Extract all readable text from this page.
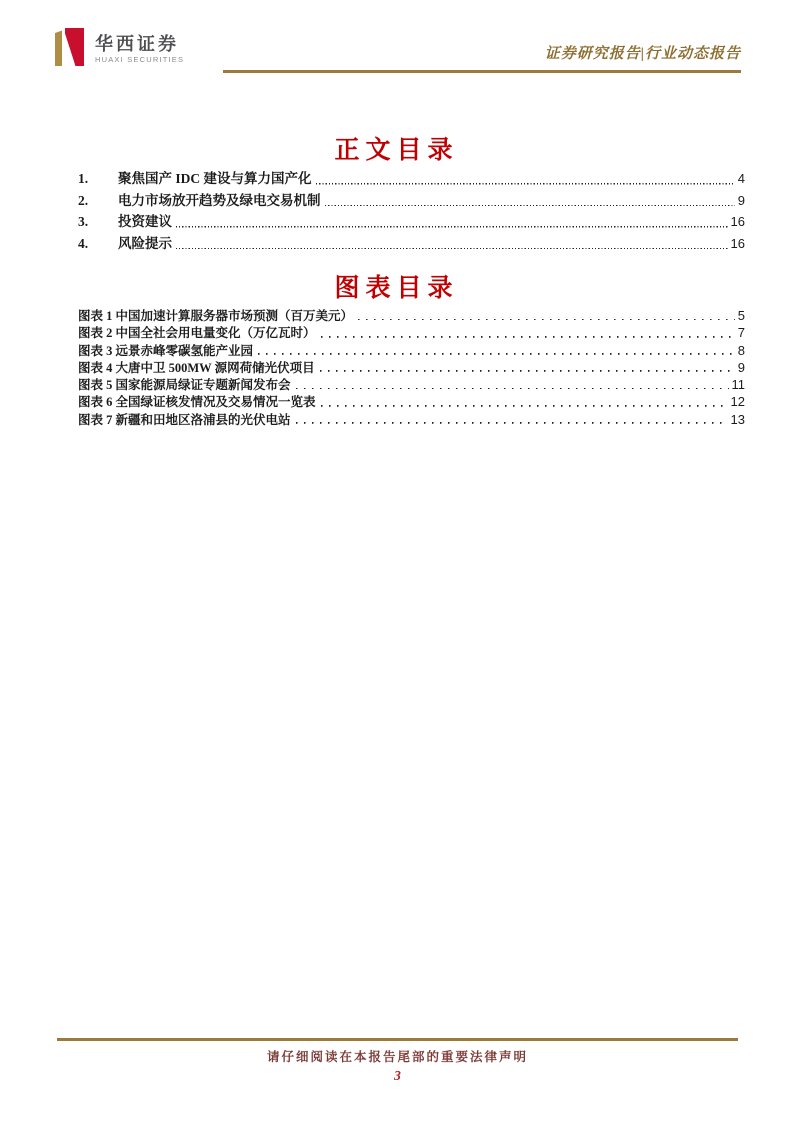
华西证券
HUAXI SECURITIES	证券研究报告|行业动态报告
正文目录
1.	聚焦国产 IDC 建设与算力国产化	4
2.	电力市场放开趋势及绿电交易机制	9
3.	投资建议	16
4.	风险提示	16
图表目录
图表 1 中国加速计算服务器市场预测（百万美元）	5
图表 2 中国全社会用电量变化（万亿瓦时）	7
图表 3 远景赤峰零碳氢能产业园	8
图表 4 大唐中卫 500MW 源网荷储光伏项目	9
图表 5 国家能源局绿证专题新闻发布会	11
图表 6 全国绿证核发情况及交易情况一览表	12
图表 7 新疆和田地区洛浦县的光伏电站	13
请仔细阅读在本报告尾部的重要法律声明
3
